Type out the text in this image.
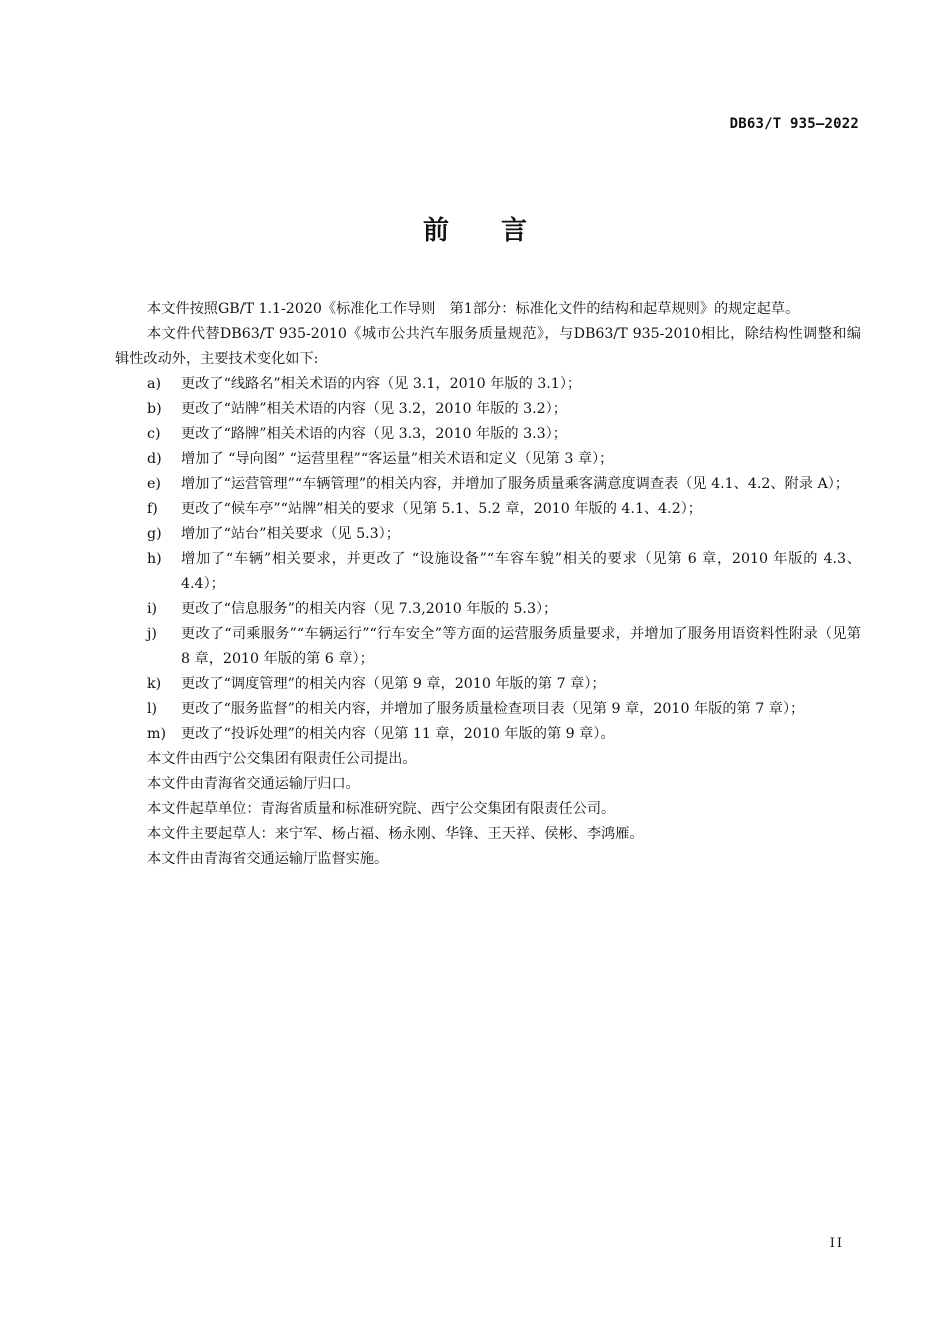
DB63/T 935—2022
前言

本文件按照GB/T 1.1-2020《标准化工作导则　第1部分：标准化文件的结构和起草规则》的规定起草。

本文件代替DB63/T 935-2010《城市公共汽车服务质量规范》，与DB63/T 935-2010相比，除结构性调整和编辑性改动外，主要技术变化如下:

a) 更改了“线路名”相关术语的内容（见 3.1，2010 年版的 3.1）；
b) 更改了“站牌”相关术语的内容（见 3.2，2010 年版的 3.2）；
c) 更改了“路牌”相关术语的内容（见 3.3，2010 年版的 3.3）；
d) 增加了 “导向图” “运营里程”“客运量”相关术语和定义（见第 3 章）；
e) 增加了“运营管理”“车辆管理”的相关内容，并增加了服务质量乘客满意度调查表（见 4.1、4.2、附录 A）；
f) 更改了“候车亭”“站牌”相关的要求（见第 5.1、5.2 章，2010 年版的 4.1、4.2）；
g) 增加了“站台”相关要求（见 5.3）；
h) 增加了“车辆”相关要求，并更改了 “设施设备”“车容车貌”相关的要求（见第 6 章，2010 年版的 4.3、4.4）；
i) 更改了“信息服务”的相关内容（见 7.3,2010 年版的 5.3）；
j) 更改了“司乘服务”“车辆运行”“行车安全”等方面的运营服务质量要求，并增加了服务用语资料性附录（见第 8 章，2010 年版的第 6 章）；
k) 更改了“调度管理”的相关内容（见第 9 章，2010 年版的第 7 章）；
l) 更改了“服务监督”的相关内容，并增加了服务质量检查项目表（见第 9 章，2010 年版的第 7 章）；
m) 更改了“投诉处理”的相关内容（见第 11 章，2010 年版的第 9 章）。

本文件由西宁公交集团有限责任公司提出。

本文件由青海省交通运输厅归口。

本文件起草单位：青海省质量和标准研究院、西宁公交集团有限责任公司。

本文件主要起草人：来宁军、杨占福、杨永刚、华锋、王天祥、侯彬、李鸿雁。

本文件由青海省交通运输厅监督实施。

II
